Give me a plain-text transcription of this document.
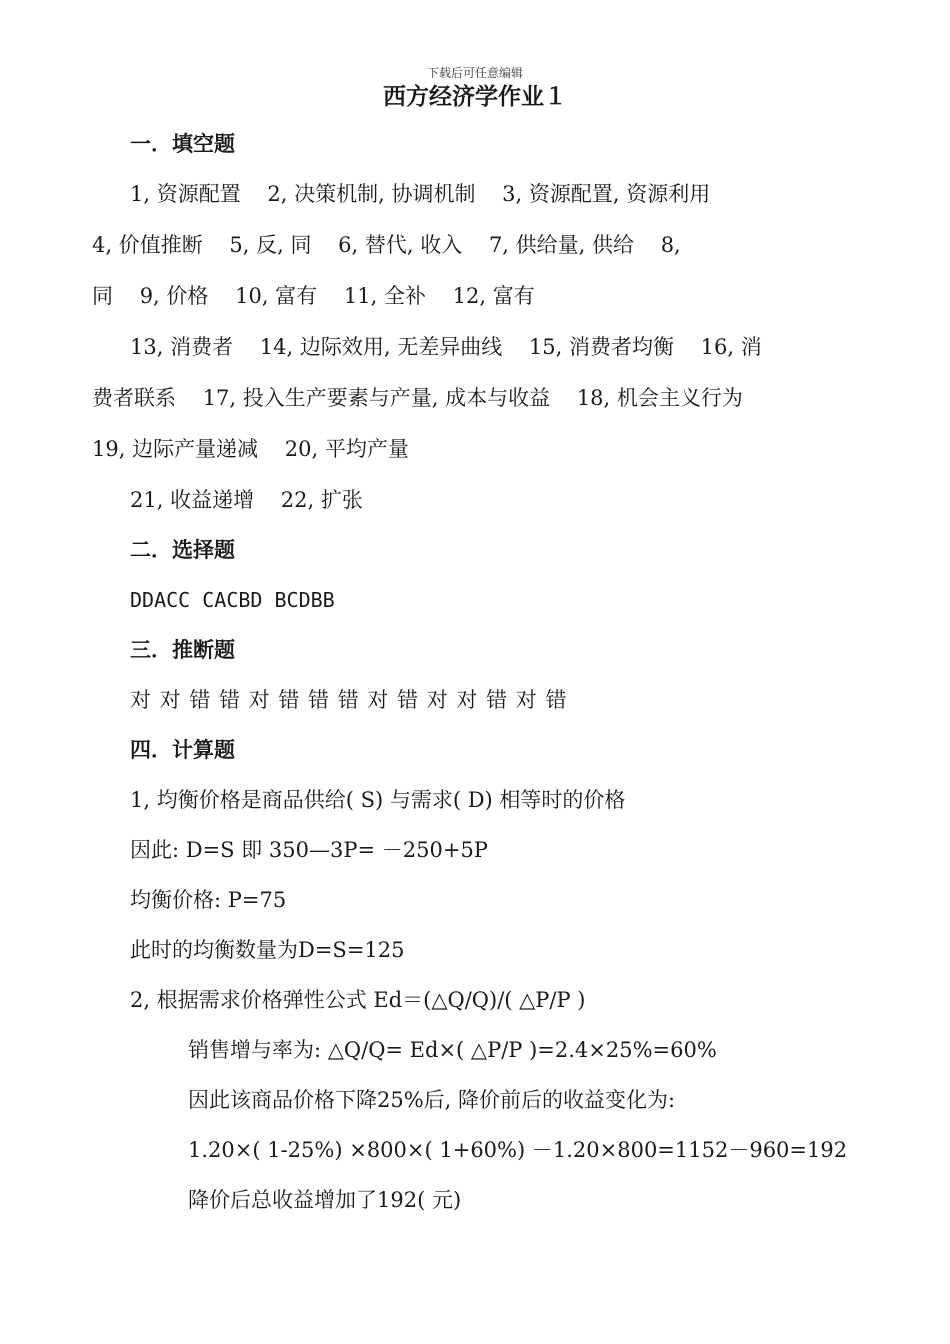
下载后可任意编辑
西方经济学作业１
一．填空题
1, 资源配置    2, 决策机制, 协调机制    3, 资源配置, 资源利用
4, 价值推断    5, 反, 同    6, 替代, 收入    7, 供给量, 供给    8,
同    9, 价格    10, 富有    11, 全补    12, 富有
13, 消费者    14, 边际效用, 无差异曲线    15, 消费者均衡    16, 消
费者联系    17, 投入生产要素与产量, 成本与收益    18, 机会主义行为
19, 边际产量递减    20, 平均产量
21, 收益递增    22, 扩张
二．选择题
DDACC CACBD BCDBB
三．推断题
对 对 错 错 对 错 错 错 对 错 对 对 错 对 错
四．计算题
1, 均衡价格是商品供给( S) 与需求( D) 相等时的价格
因此: D=S 即 350—3P= －250+5P
均衡价格: P=75
此时的均衡数量为D=S=125
2, 根据需求价格弹性公式 Ed＝(△Q/Q)/( △P/P )
销售增与率为: △Q/Q= Ed×( △P/P )=2.4×25%=60%
因此该商品价格下降25%后, 降价前后的收益变化为:
1.20×( 1-25%) ×800×( 1+60%) －1.20×800=1152－960=192
降价后总收益增加了192( 元)
